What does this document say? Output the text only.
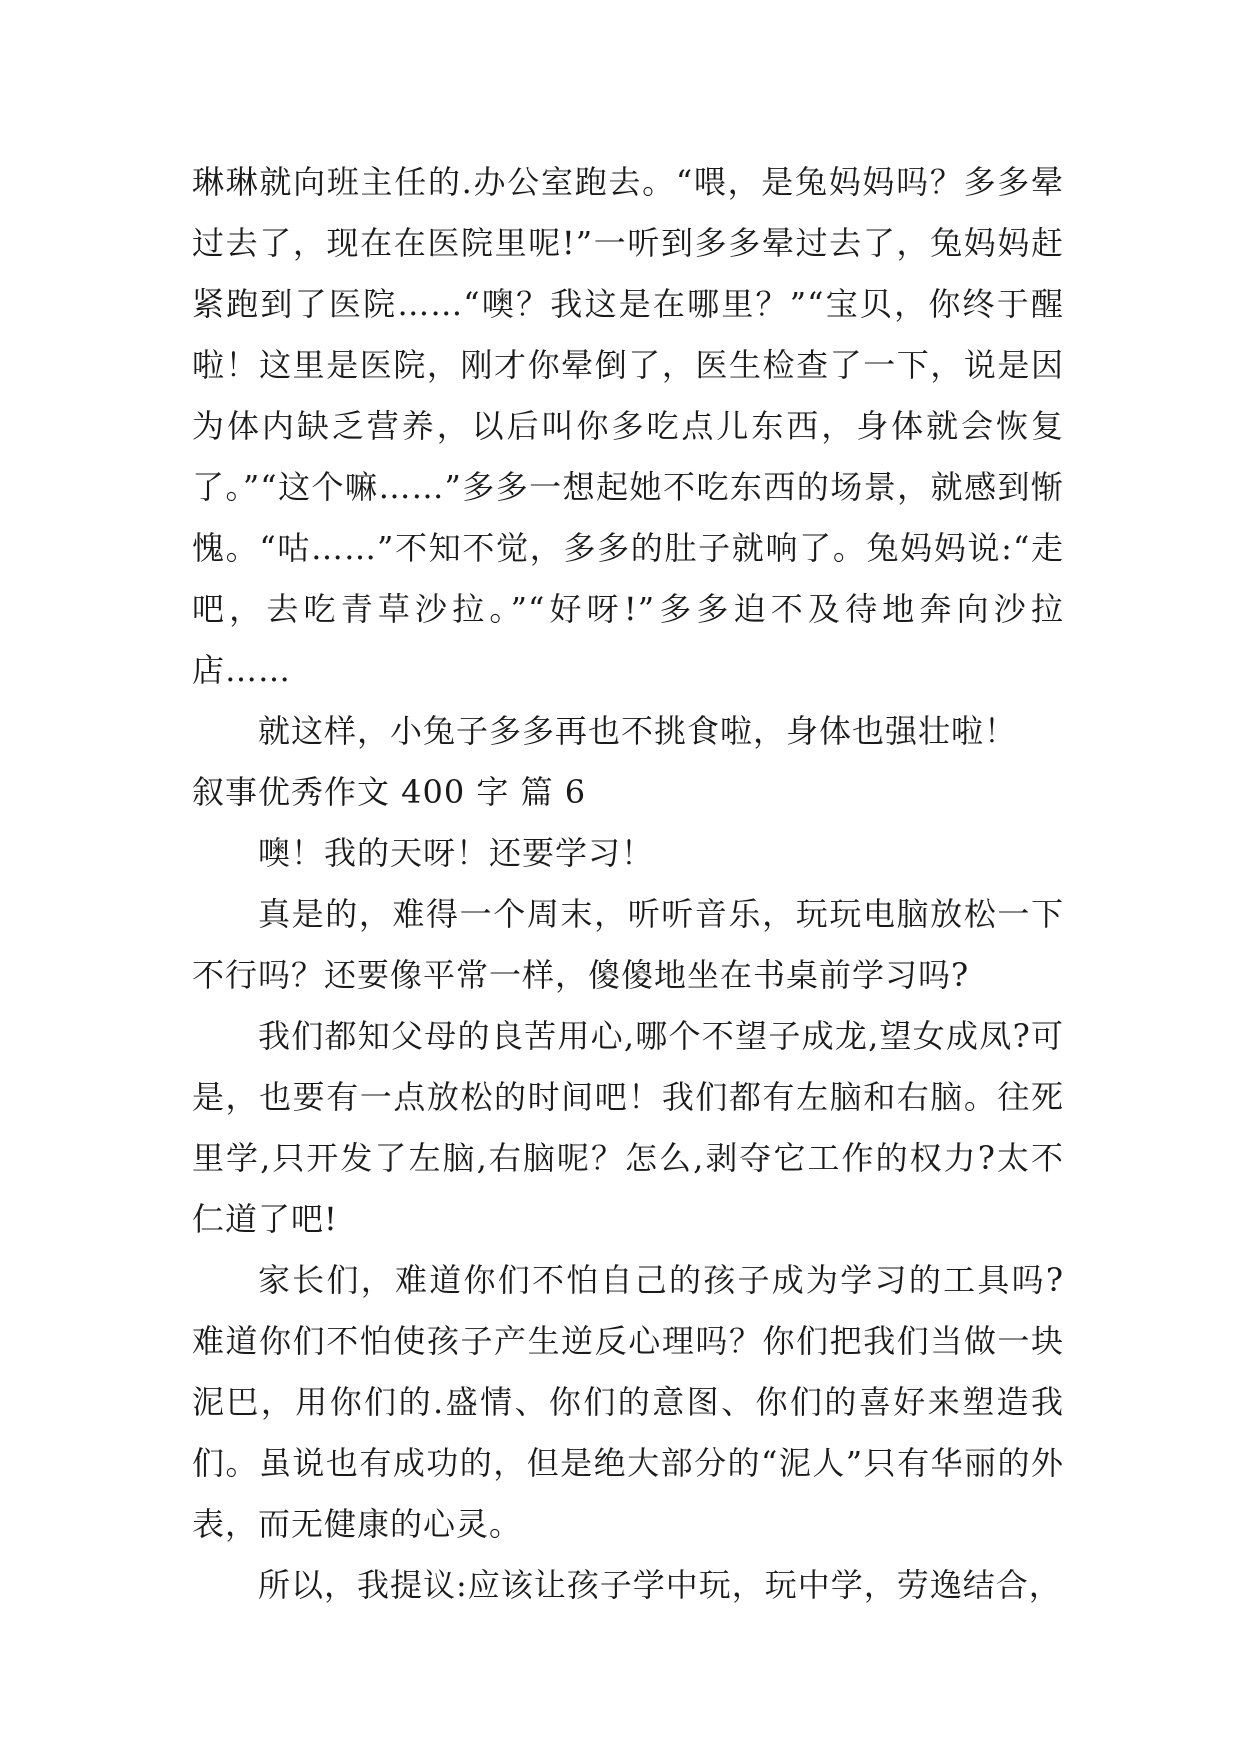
琳琳就向班主任的.办公室跑去。“喂，是兔妈妈吗？多多晕过去了，现在在医院里呢!”一听到多多晕过去了，兔妈妈赶紧跑到了医院……“噢？我这是在哪里？”“宝贝，你终于醒啦！这里是医院，刚才你晕倒了，医生检查了一下，说是因为体内缺乏营养，以后叫你多吃点儿东西，身体就会恢复了。”“这个嘛……”多多一想起她不吃东西的场景，就感到惭愧。“咕……”不知不觉，多多的肚子就响了。兔妈妈说:“走吧，去吃青草沙拉。”“好呀!”多多迫不及待地奔向沙拉店……

就这样，小兔子多多再也不挑食啦，身体也强壮啦！

叙事优秀作文 400 字 篇 6

噢！我的天呀！还要学习！

真是的，难得一个周末，听听音乐，玩玩电脑放松一下不行吗？还要像平常一样，傻傻地坐在书桌前学习吗?

我们都知父母的良苦用心,哪个不望子成龙,望女成凤?可是，也要有一点放松的时间吧！我们都有左脑和右脑。往死里学,只开发了左脑,右脑呢？怎么,剥夺它工作的权力?太不仁道了吧!

家长们，难道你们不怕自己的孩子成为学习的工具吗?难道你们不怕使孩子产生逆反心理吗？你们把我们当做一块泥巴，用你们的.盛情、你们的意图、你们的喜好来塑造我们。虽说也有成功的，但是绝大部分的“泥人”只有华丽的外表，而无健康的心灵。

所以，我提议:应该让孩子学中玩，玩中学，劳逸结合，
